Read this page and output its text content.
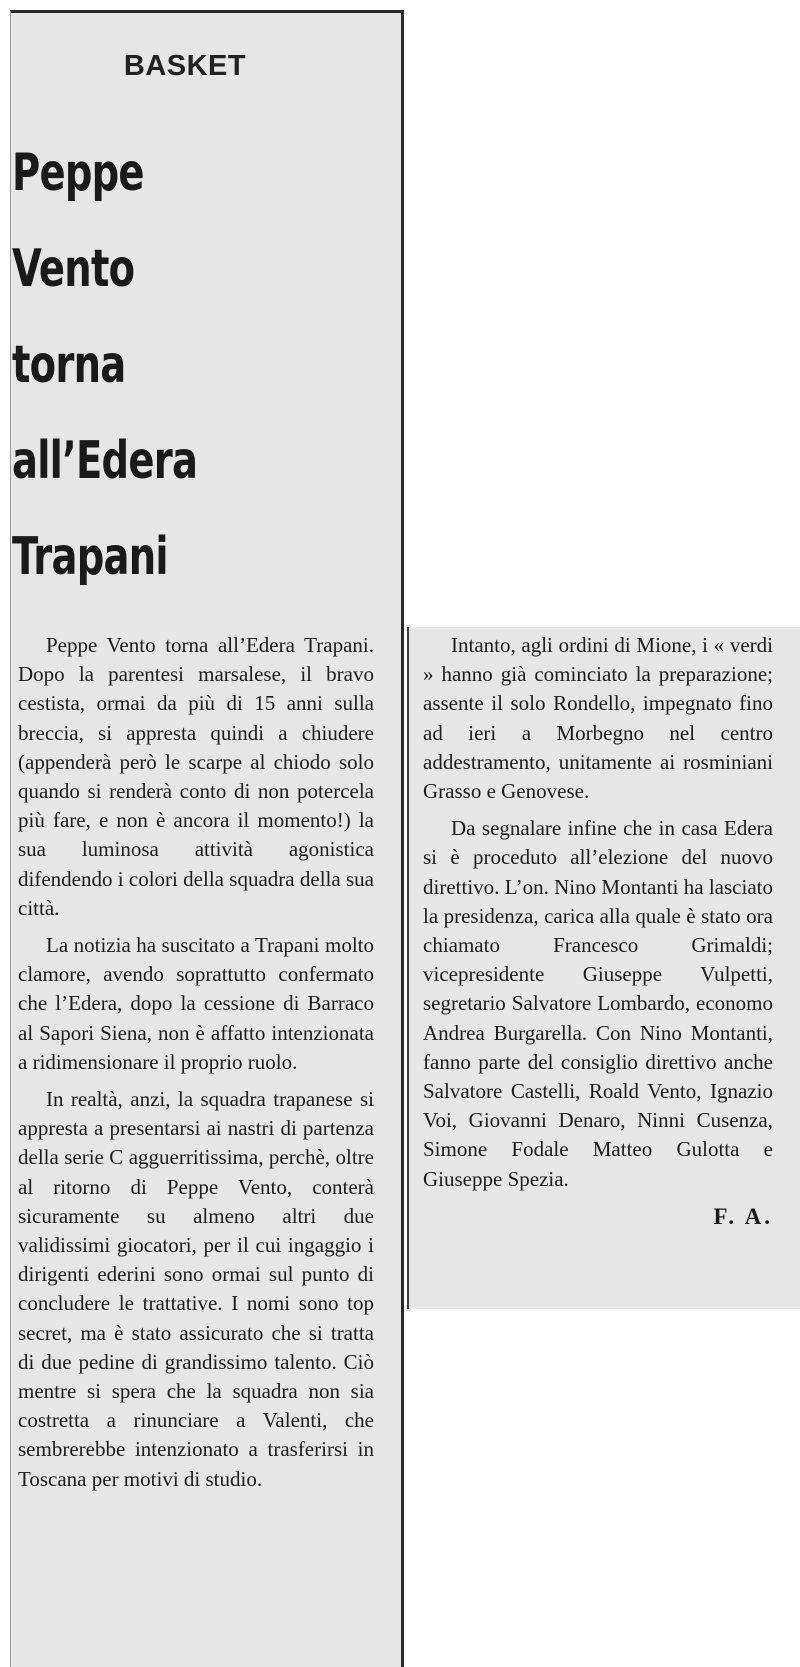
BASKET
Peppe
Vento
torna
all’Edera
Trapani

Peppe Vento torna all’Edera Trapani. Dopo la parentesi marsalese, il bravo cestista, ormai da più di 15 anni sulla breccia, si appresta quindi a chiudere (appenderà però le scarpe al chiodo solo quando si renderà conto di non potercela più fare, e non è ancora il momento!) la sua luminosa attività agonistica difendendo i colori della squadra della sua città.

La notizia ha suscitato a Trapani molto clamore, avendo soprattutto confermato che l’Edera, dopo la cessione di Barraco al Sapori Siena, non è affatto intenzionata a ridimensionare il proprio ruolo.

In realtà, anzi, la squadra trapanese si appresta a presentarsi ai nastri di partenza della serie C agguerritissima, perchè, oltre al ritorno di Peppe Vento, conterà sicuramente su almeno altri due validissimi giocatori, per il cui ingaggio i dirigenti ederini sono ormai sul punto di concludere le trattative. I nomi sono top secret, ma è stato assicurato che si tratta di due pedine di grandissimo talento. Ciò mentre si spera che la squadra non sia costretta a rinunciare a Valenti, che sembrerebbe intenzionato a trasferirsi in Toscana per motivi di studio.

Intanto, agli ordini di Mione, i « verdi » hanno già cominciato la preparazione; assente il solo Rondello, impegnato fino ad ieri a Morbegno nel centro addestramento, unitamente ai rosminiani Grasso e Genovese.

Da segnalare infine che in casa Edera si è proceduto all’elezione del nuovo direttivo. L’on. Nino Montanti ha lasciato la presidenza, carica alla quale è stato ora chiamato Francesco Grimaldi; vicepresidente Giuseppe Vulpetti, segretario Salvatore Lombardo, economo Andrea Burgarella. Con Nino Montanti, fanno parte del consiglio direttivo anche Salvatore Castelli, Roald Vento, Ignazio Voi, Giovanni Denaro, Ninni Cusenza, Simone Fodale Matteo Gulotta e Giuseppe Spezia.

F. A.
